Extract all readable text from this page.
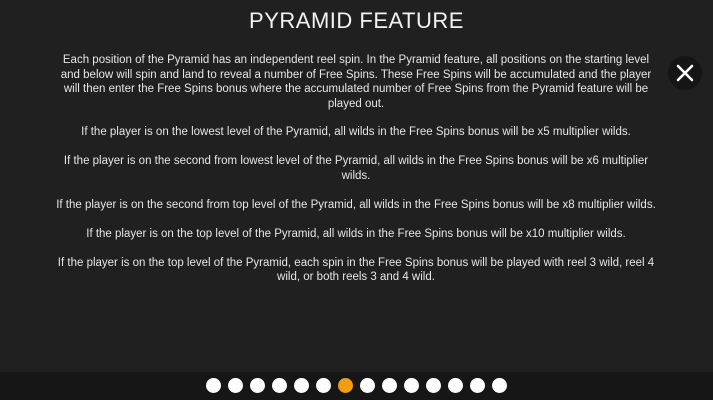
PYRAMID FEATURE

Each position of the Pyramid has an independent reel spin. In the Pyramid feature, all positions on the starting level and below will spin and land to reveal a number of Free Spins. These Free Spins will be accumulated and the player will then enter the Free Spins bonus where the accumulated number of Free Spins from the Pyramid feature will be played out.

If the player is on the lowest level of the Pyramid, all wilds in the Free Spins bonus will be x5 multiplier wilds.

If the player is on the second from lowest level of the Pyramid, all wilds in the Free Spins bonus will be x6 multiplier wilds.

If the player is on the second from top level of the Pyramid, all wilds in the Free Spins bonus will be x8 multiplier wilds.

If the player is on the top level of the Pyramid, all wilds in the Free Spins bonus will be x10 multiplier wilds.

If the player is on the top level of the Pyramid, each spin in the Free Spins bonus will be played with reel 3 wild, reel 4 wild, or both reels 3 and 4 wild.
